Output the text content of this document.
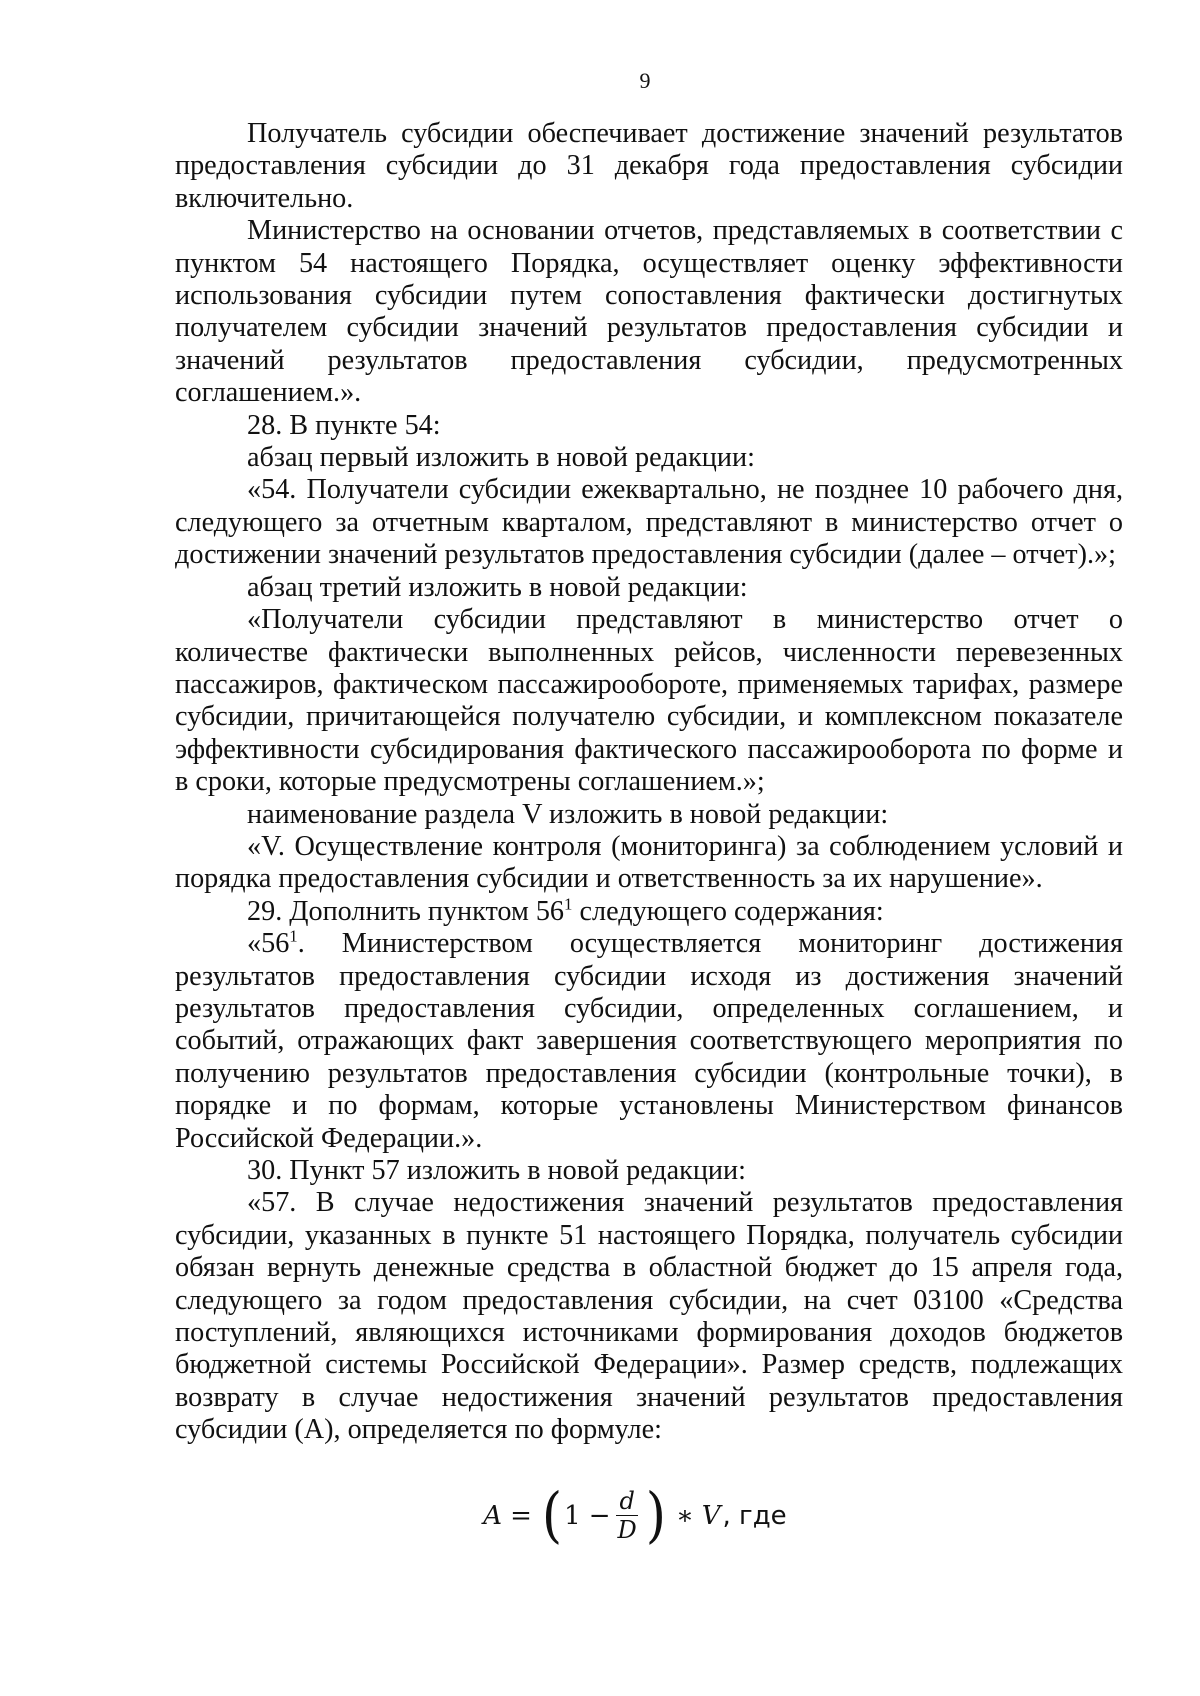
9

Получатель субсидии обеспечивает достижение значений результатов предоставления субсидии до 31 декабря года предоставления субсидии включительно.

Министерство на основании отчетов, представляемых в соответствии с пунктом 54 настоящего Порядка, осуществляет оценку эффективности использования субсидии путем сопоставления фактически достигнутых получателем субсидии значений результатов предоставления субсидии и значений результатов предоставления субсидии, предусмотренных соглашением.».

28. В пункте 54:

абзац первый изложить в новой редакции:

«54. Получатели субсидии ежеквартально, не позднее 10 рабочего дня, следующего за отчетным кварталом, представляют в министерство отчет о достижении значений результатов предоставления субсидии (далее – отчет).»;

абзац третий изложить в новой редакции:

«Получатели субсидии представляют в министерство отчет о количестве фактически выполненных рейсов, численности перевезенных пассажиров, фактическом пассажирообороте, применяемых тарифах, размере субсидии, причитающейся получателю субсидии, и комплексном показателе эффективности субсидирования фактического пассажирооборота по форме и в сроки, которые предусмотрены соглашением.»;

наименование раздела V изложить в новой редакции:

«V. Осуществление контроля (мониторинга) за соблюдением условий и порядка предоставления субсидии и ответственность за их нарушение».

29. Дополнить пунктом $56^1$ следующего содержания:

«$56^1$. Министерством осуществляется мониторинг достижения результатов предоставления субсидии исходя из достижения значений результатов предоставления субсидии, определенных соглашением, и событий, отражающих факт завершения соответствующего мероприятия по получению результатов предоставления субсидии (контрольные точки), в порядке и по формам, которые установлены Министерством финансов Российской Федерации.».

30. Пункт 57 изложить в новой редакции:

«57. В случае недостижения значений результатов предоставления субсидии, указанных в пункте 51 настоящего Порядка, получатель субсидии обязан вернуть денежные средства в областной бюджет до 15 апреля года, следующего за годом предоставления субсидии, на счет 03100 «Средства поступлений, являющихся источниками формирования доходов бюджетов бюджетной системы Российской Федерации». Размер средств, подлежащих возврату в случае недостижения значений результатов предоставления субсидии (А), определяется по формуле:

A = ( $1 - \frac{d}{D}$ ) ∗ V , где
